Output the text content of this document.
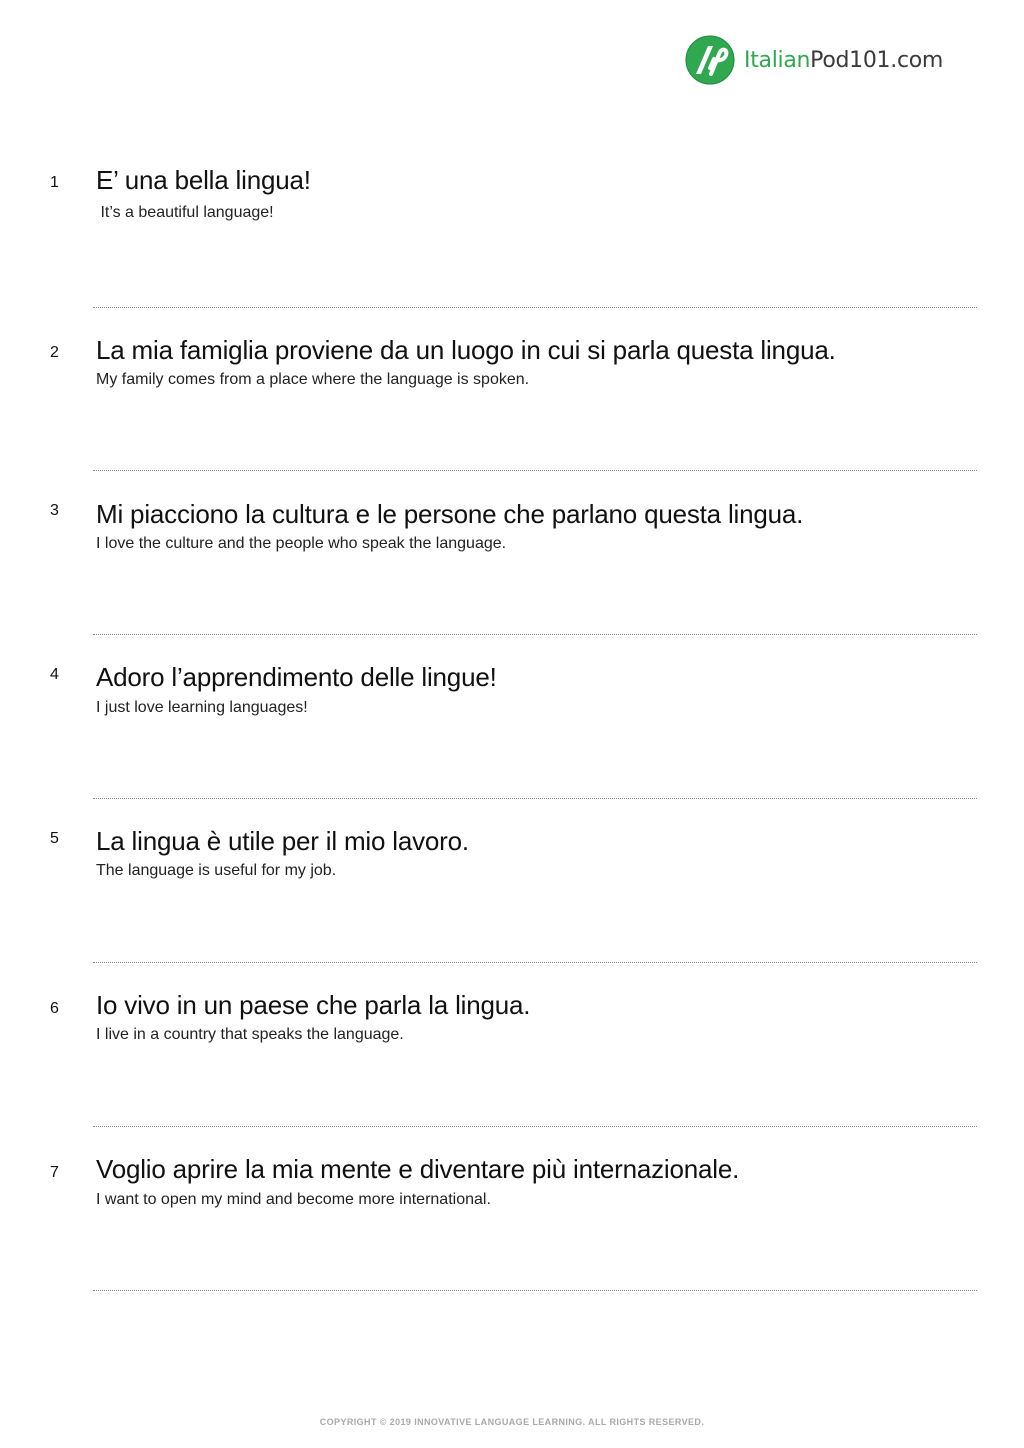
ItalianPod101.com
1 E’ una bella lingua!
It’s a beautiful language!
2 La mia famiglia proviene da un luogo in cui si parla questa lingua.
My family comes from a place where the language is spoken.
3 Mi piacciono la cultura e le persone che parlano questa lingua.
I love the culture and the people who speak the language.
4 Adoro l’apprendimento delle lingue!
I just love learning languages!
5 La lingua è utile per il mio lavoro.
The language is useful for my job.
6 Io vivo in un paese che parla la lingua.
I live in a country that speaks the language.
7 Voglio aprire la mia mente e diventare più internazionale.
I want to open my mind and become more international.
COPYRIGHT © 2019 INNOVATIVE LANGUAGE LEARNING. ALL RIGHTS RESERVED.
